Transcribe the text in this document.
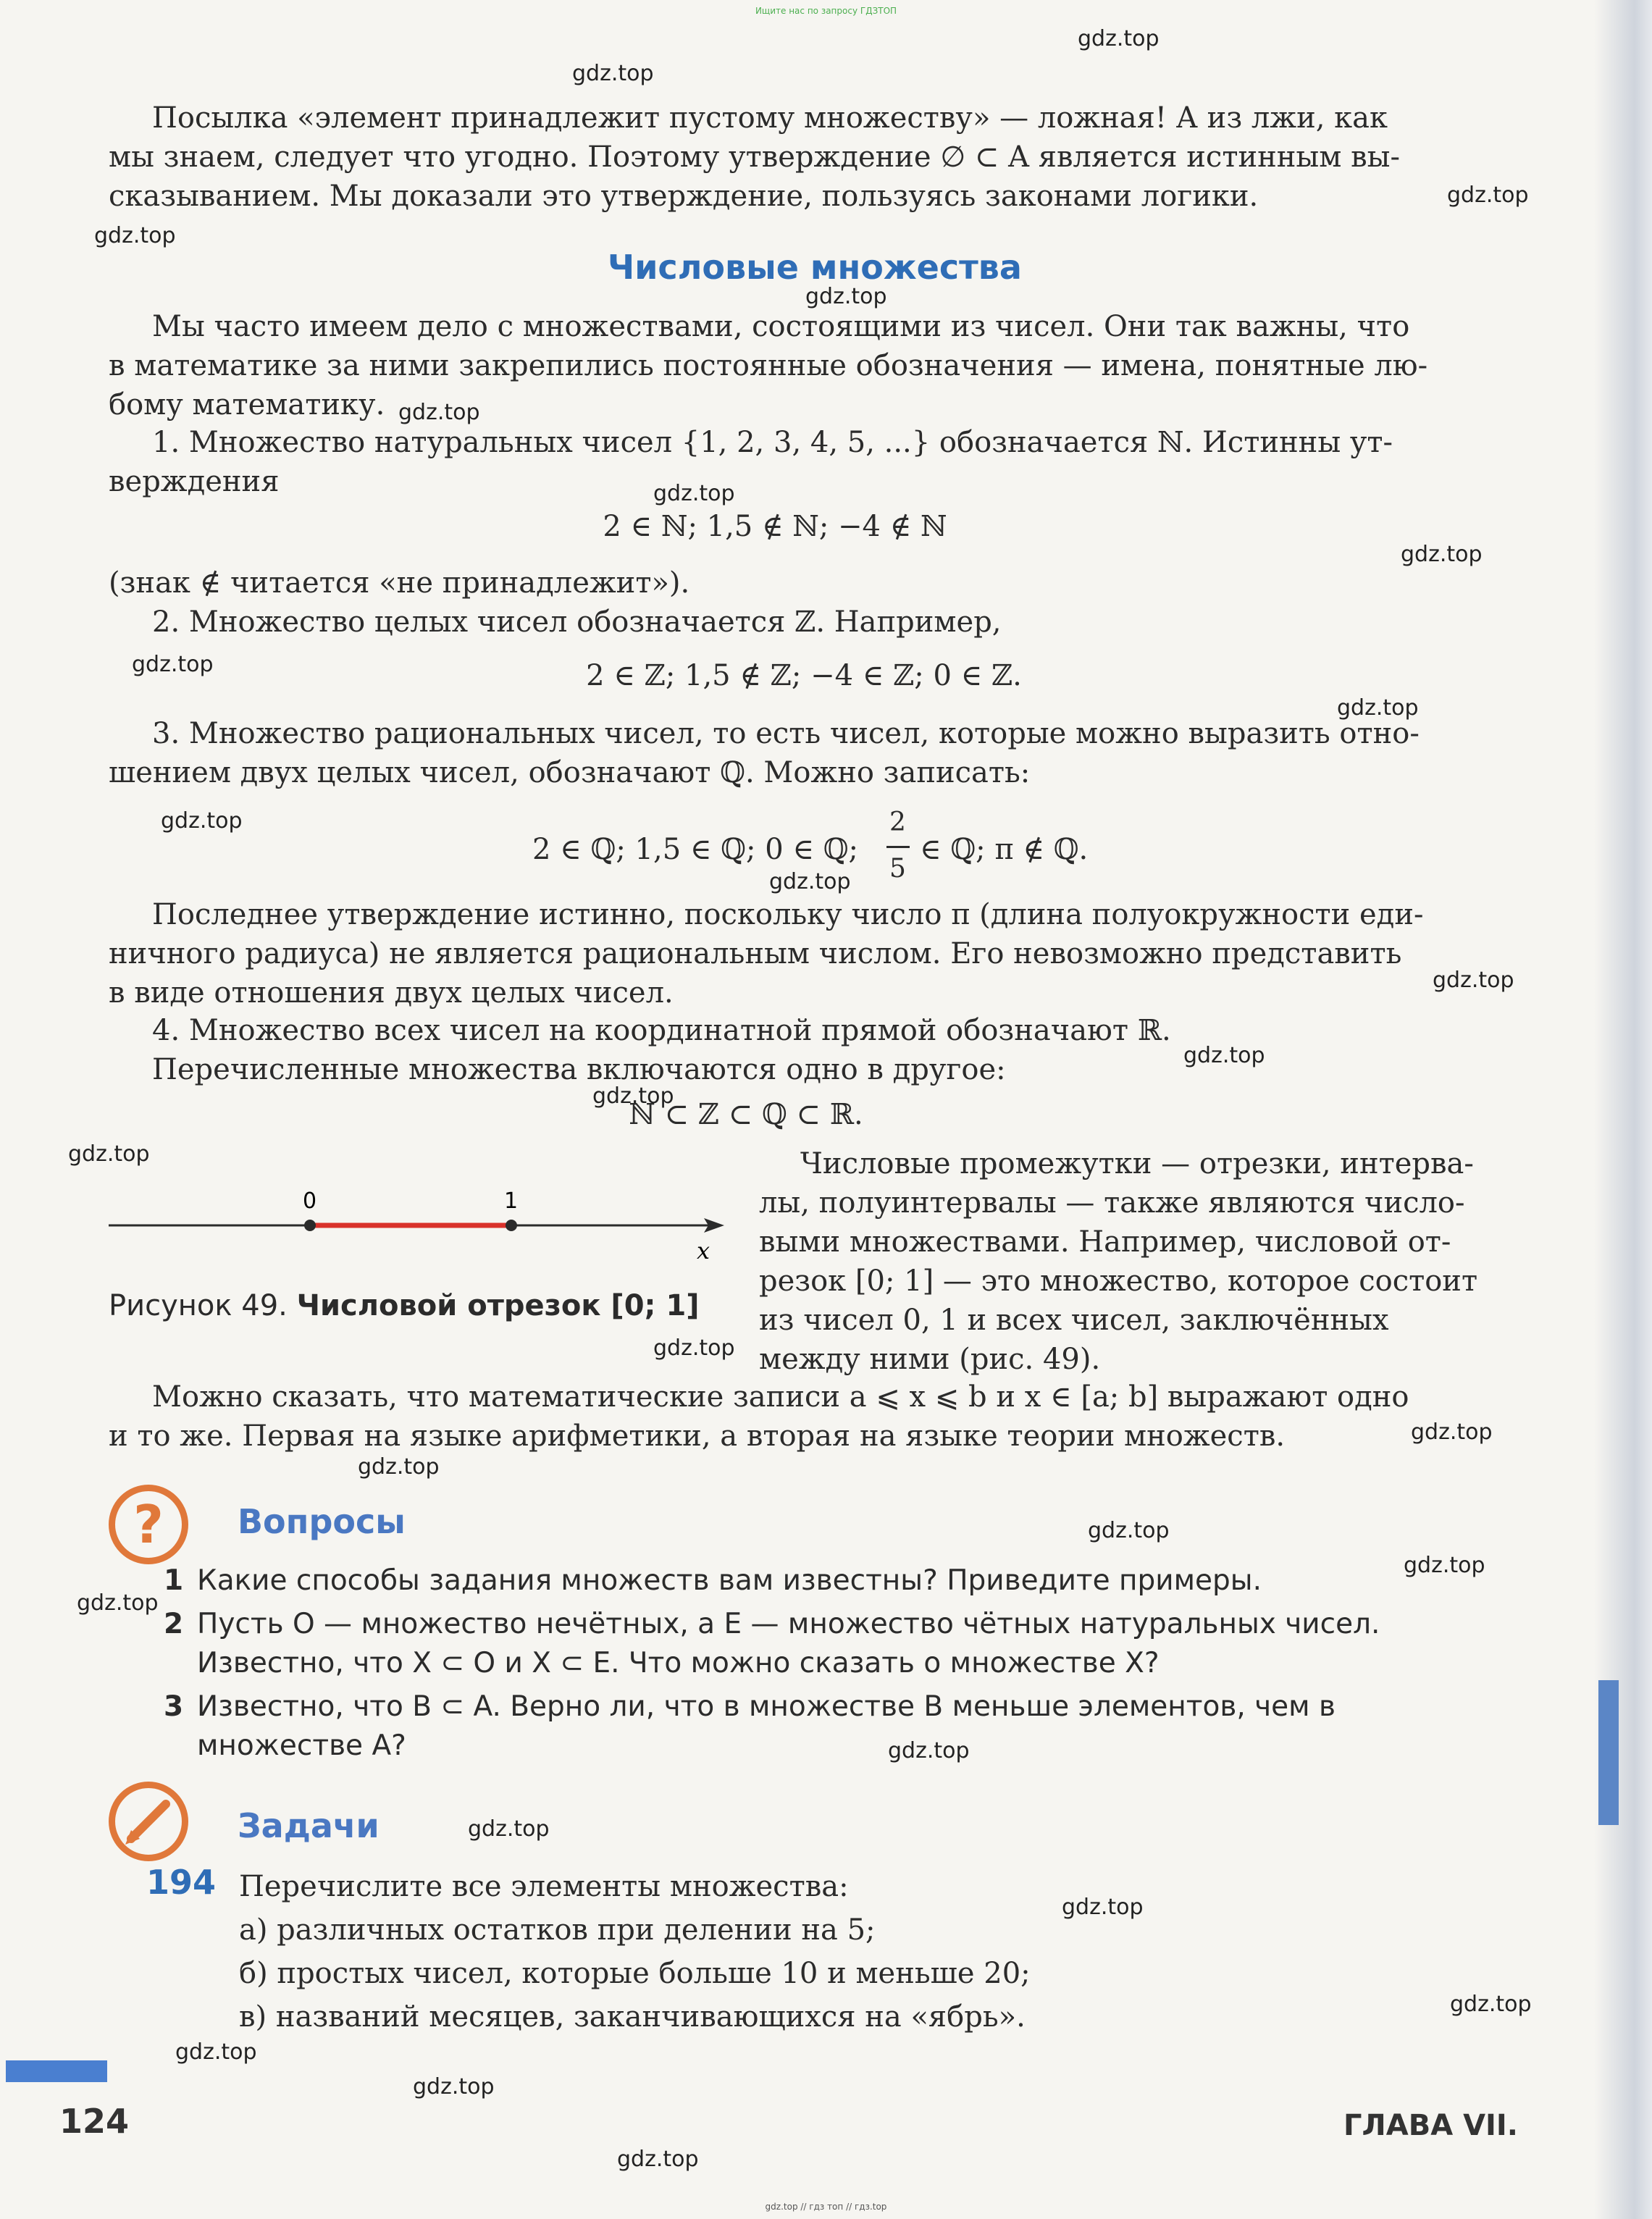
Ищите нас по запросу ГДЗТОП
Посылка «элемент принадлежит пустому множеству» — ложная! А из лжи, как
мы знаем, следует что угодно. Поэтому утверждение ∅ ⊂ A является истинным вы-
сказыванием. Мы доказали это утверждение, пользуясь законами логики.
Числовые множества
Мы часто имеем дело с множествами, состоящими из чисел. Они так важны, что
в математике за ними закрепились постоянные обозначения — имена, понятные лю-
бому математику.
1. Множество натуральных чисел {1, 2, 3, 4, 5, ...} обозначается ℕ. Истинны ут-
верждения
2 ∈ ℕ; 1,5 ∉ ℕ; −4 ∉ ℕ
(знак ∉ читается «не принадлежит»).
2. Множество целых чисел обозначается ℤ. Например,
2 ∈ ℤ; 1,5 ∉ ℤ; −4 ∈ ℤ; 0 ∈ ℤ.
3. Множество рациональных чисел, то есть чисел, которые можно выразить отно-
шением двух целых чисел, обозначают ℚ. Можно записать:
2 ∈ ℚ; 1,5 ∈ ℚ; 0 ∈ ℚ;
2
5
∈ ℚ; π ∉ ℚ.
Последнее утверждение истинно, поскольку число π (длина полуокружности еди-
ничного радиуса) не является рациональным числом. Его невозможно представить
в виде отношения двух целых чисел.
4. Множество всех чисел на координатной прямой обозначают ℝ.
Перечисленные множества включаются одно в другое:
ℕ ⊂ ℤ ⊂ ℚ ⊂ ℝ.
0	1
x
Рисунок 49. Числовой отрезок [0; 1]
Числовые промежутки — отрезки, интерва-
лы, полуинтервалы — также являются число-
выми множествами. Например, числовой от-
резок [0; 1] — это множество, которое состоит
из чисел 0, 1 и всех чисел, заключённых
между ними (рис. 49).
Можно сказать, что математические записи a ⩽ x ⩽ b и x ∈ [a; b] выражают одно
и то же. Первая на языке арифметики, а вторая на языке теории множеств.
?	Вопросы
1 Какие способы задания множеств вам известны? Приведите примеры.
2 Пусть O — множество нечётных, а E — множество чётных натуральных чисел.
Известно, что X ⊂ O и X ⊂ E. Что можно сказать о множестве X?
3 Известно, что B ⊂ A. Верно ли, что в множестве B меньше элементов, чем в
множестве A?
Задачи
194 Перечислите все элементы множества:
а) различных остатков при делении на 5;
б) простых чисел, которые больше 10 и меньше 20;
в) названий месяцев, заканчивающихся на «ябрь».
124	ГЛАВА VII.
gdz.top // гдз топ // гдз.top
gdz.top
gdz.top
gdz.top
gdz.top
gdz.top
gdz.top
gdz.top
gdz.top
gdz.top
gdz.top
gdz.top
gdz.top
gdz.top
gdz.top
gdz.top
gdz.top
gdz.top
gdz.top
gdz.top
gdz.top
gdz.top
gdz.top
gdz.top
gdz.top
gdz.top
gdz.top
gdz.top
gdz.top
gdz.top
